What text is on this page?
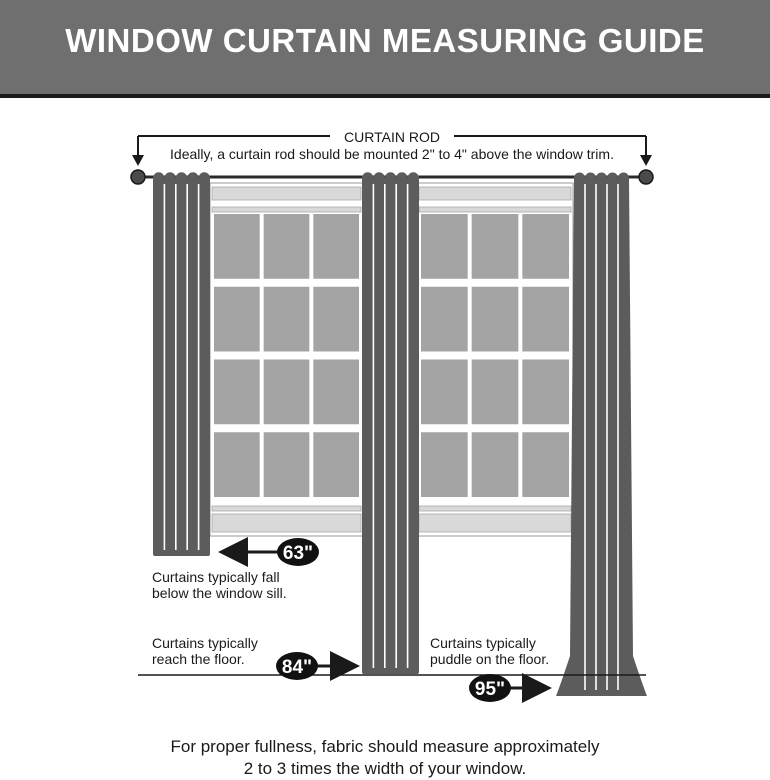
WINDOW CURTAIN MEASURING GUIDE
CURTAIN ROD
Ideally, a curtain rod should be mounted 2" to 4" above the window trim.
63"
Curtains typically fall
below the window sill.
84"
Curtains typically
reach the floor.
95"
Curtains typically
puddle on the floor.
For proper fullness, fabric should measure approximately
2 to 3 times the width of your window.
